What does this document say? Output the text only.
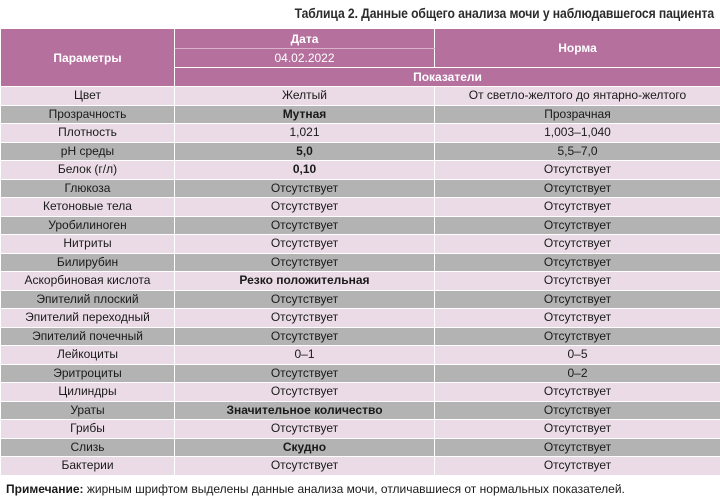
Таблица 2. Данные общего анализа мочи у наблюдавшегося пациента
Параметры	Дата	Норма
	04.02.2022	
	Показатели	
Цвет	Желтый	От светло-желтого до янтарно-желтого
Прозрачность	Мутная	Прозрачная
Плотность	1,021	1,003–1,040
pH среды	5,0	5,5–7,0
Белок (г/л)	0,10	Отсутствует
Глюкоза	Отсутствует	Отсутствует
Кетоновые тела	Отсутствует	Отсутствует
Уробилиноген	Отсутствует	Отсутствует
Нитриты	Отсутствует	Отсутствует
Билирубин	Отсутствует	Отсутствует
Аскорбиновая кислота	Резко положительная	Отсутствует
Эпителий плоский	Отсутствует	Отсутствует
Эпителий переходный	Отсутствует	Отсутствует
Эпителий почечный	Отсутствует	Отсутствует
Лейкоциты	0–1	0–5
Эритроциты	Отсутствует	0–2
Цилиндры	Отсутствует	Отсутствует
Ураты	Значительное количество	Отсутствует
Грибы	Отсутствует	Отсутствует
Слизь	Скудно	Отсутствует
Бактерии	Отсутствует	Отсутствует
Примечание: жирным шрифтом выделены данные анализа мочи, отличавшиеся от нормальных показателей.
